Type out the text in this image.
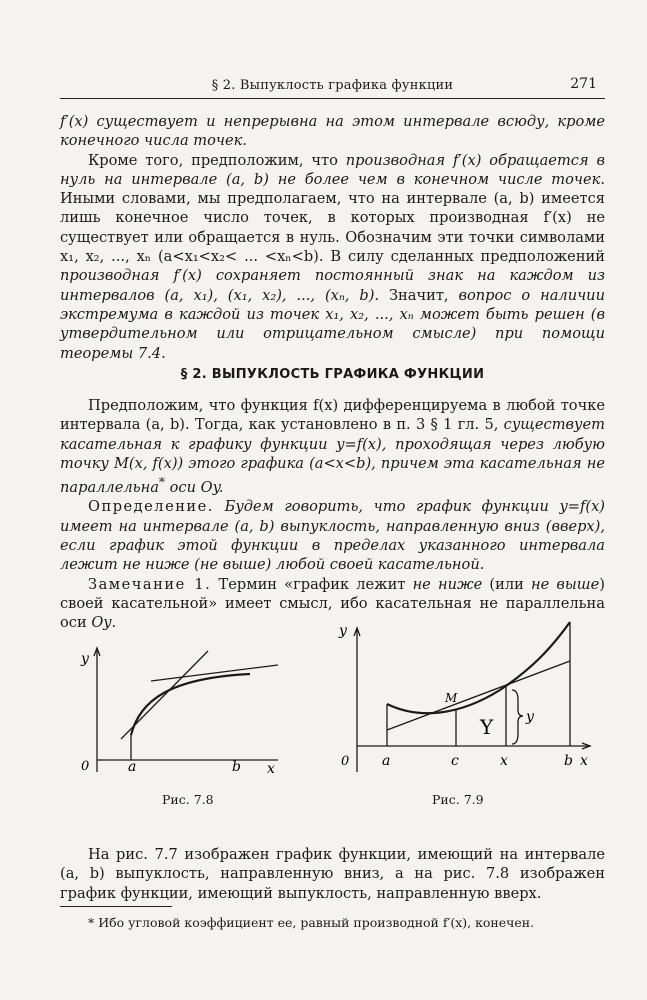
§ 2. Выпуклость графика функции	271

f′(x) существует и непрерывна на этом интервале всюду, кроме конечного числа точек.

Кроме того, предположим, что производная f′(x) обращается в нуль на интервале (a, b) не более чем в конечном числе точек. Иными словами, мы предполагаем, что на интервале (a, b) имеется лишь конечное число точек, в которых производная f′(x) не существует или обращается в нуль. Обозначим эти точки символами x₁, x₂, ..., xₙ (a<x₁<x₂< ... <xₙ<b). В силу сделанных предположений производная f′(x) сохраняет постоянный знак на каждом из интервалов (a, x₁), (x₁, x₂), ..., (xₙ, b). Значит, вопрос о наличии экстремума в каждой из точек x₁, x₂, ..., xₙ может быть решен (в утвердительном или отрицательном смысле) при помощи теоремы 7.4.

§ 2. ВЫПУКЛОСТЬ ГРАФИКА ФУНКЦИИ

Предположим, что функция f(x) дифференцируема в любой точке интервала (a, b). Тогда, как установлено в п. 3 § 1 гл. 5, существует касательная к графику функции y=f(x), проходящая через любую точку M(x, f(x)) этого графика (a<x<b), причем эта касательная не параллельна* оси Oy.

Определение. Будем говорить, что график функции y=f(x) имеет на интервале (a, b) выпуклость, направленную вниз (вверх), если график этой функции в пределах указанного интервала лежит не ниже (не выше) любой своей касательной.

Замечание 1. Термин «график лежит не ниже (или не выше) своей касательной» имеет смысл, ибо касательная не параллельна оси Oy.

y
0	a	b x
y
M
Y y
0 a	c	x	b x
Рис. 7.8	Рис. 7.9

На рис. 7.7 изображен график функции, имеющий на интервале (a, b) выпуклость, направленную вниз, а на рис. 7.8 изображен график функции, имеющий выпуклость, направленную вверх.

* Ибо угловой коэффициент ее, равный производной f′(x), конечен.
